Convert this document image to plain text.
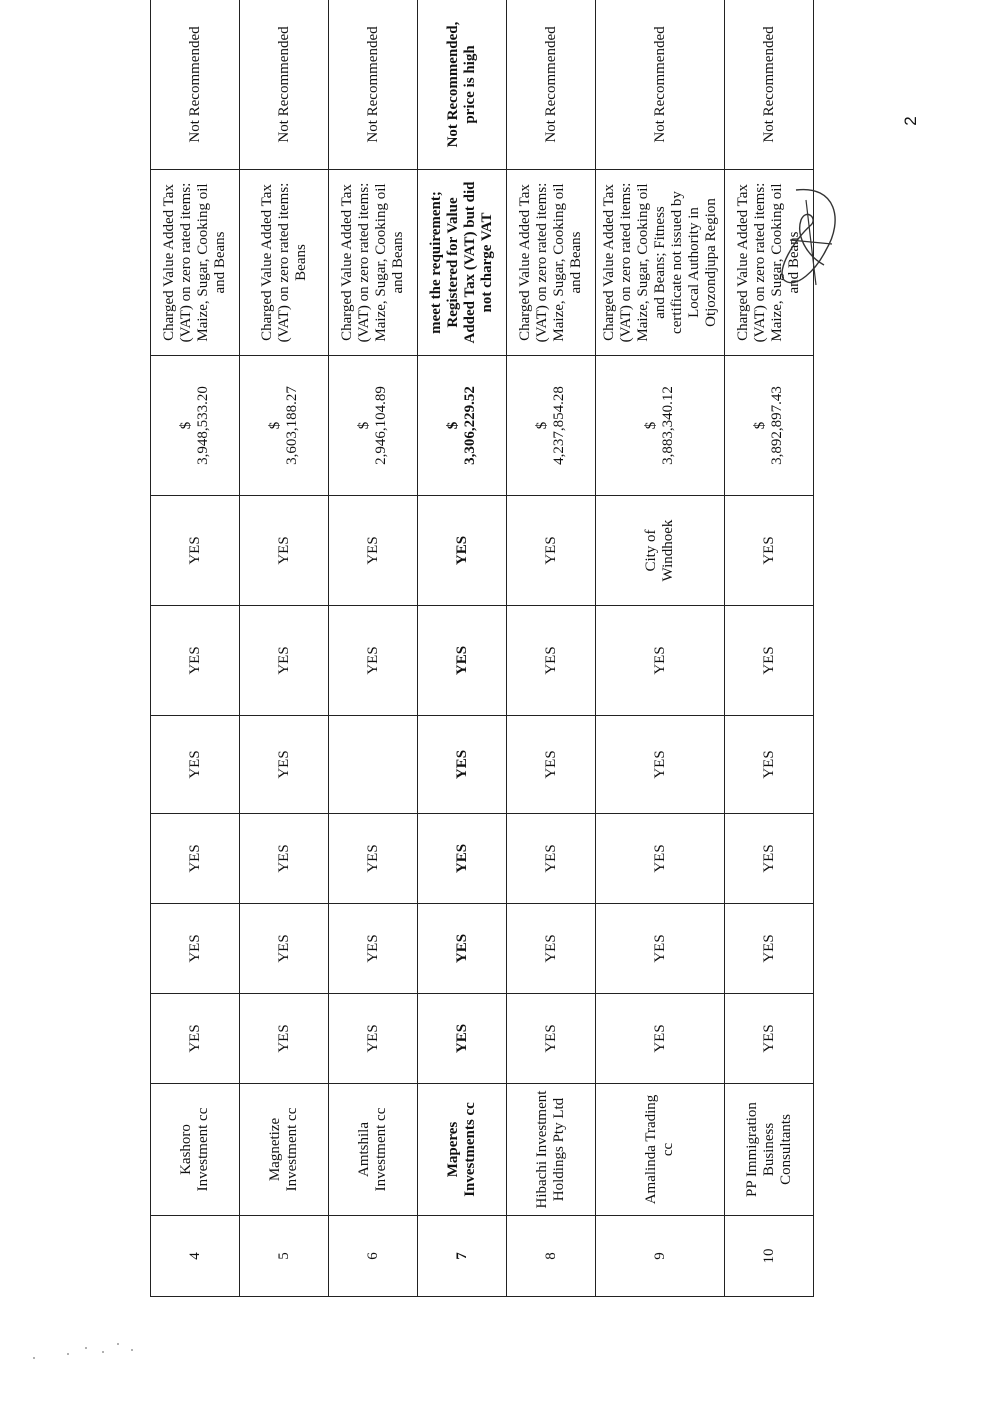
4	Kashoro Investment cc	YES	YES	YES	YES	YES	YES	$ 3,948,533.20	Charged Value Added Tax (VAT) on zero rated items: Maize, Sugar, Cooking oil and Beans	Not Recommended
5	Magnetize Investment cc	YES	YES	YES	YES	YES	YES	$ 3,603,188.27	Charged Value Added Tax (VAT) on zero rated items: Beans	Not Recommended
6	Amtshila Investment cc	YES	YES	YES		YES	YES	$ 2,946,104.89	Charged Value Added Tax (VAT) on zero rated items: Maize, Sugar, Cooking oil and Beans	Not Recommended
7	Maperes Investments cc	YES	YES	YES	YES	YES	YES	$ 3,306,229.52	meet the requirement; Registered for Value Added Tax (VAT) but did not charge VAT	Not Recommended, price is high
8	Hibachi Investment Holdings Pty Ltd	YES	YES	YES	YES	YES	YES	$ 4,237,854.28	Charged Value Added Tax (VAT) on zero rated items: Maize, Sugar, Cooking oil and Beans	Not Recommended
9	Amalinda Trading cc	YES	YES	YES	YES	YES	City of Windhoek	$ 3,883,340.12	Charged Value Added Tax (VAT) on zero rated items: Maize, Sugar, Cooking oil and Beans; Fitness certificate not issued by Local Authority in Otjozondjupa Region	Not Recommended
10	PP Immigration Business Consultants	YES	YES	YES	YES	YES	YES	$ 3,892,897.43	Charged Value Added Tax (VAT) on zero rated items: Maize, Sugar, Cooking oil and Beans	Not Recommended	2
